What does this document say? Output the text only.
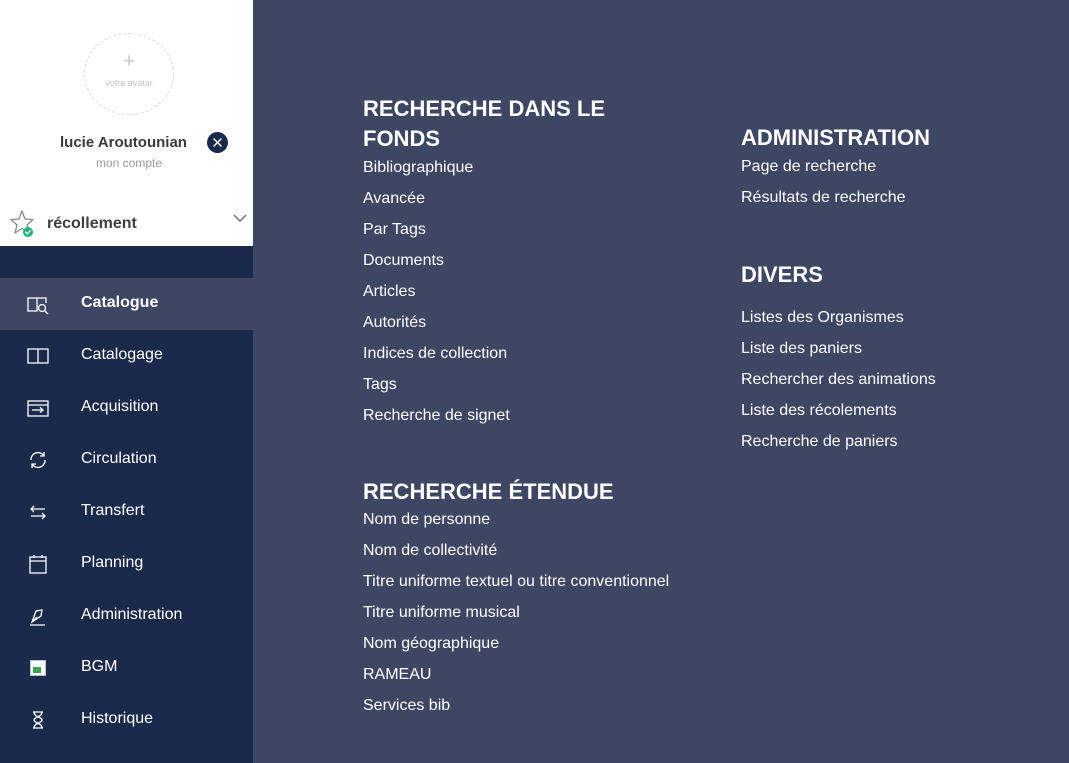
+
votre avatar
lucie Aroutounian
mon compte
récollement
Catalogue
Catalogage
Acquisition
Circulation
Transfert
Planning
Administration
BGM
Historique
RECHERCHE DANS LE FONDS
Bibliographique
Avancée
Par Tags
Documents
Articles
Autorités
Indices de collection
Tags
Recherche de signet
RECHERCHE ÉTENDUE
Nom de personne
Nom de collectivité
Titre uniforme textuel ou titre conventionnel
Titre uniforme musical
Nom géographique
RAMEAU
Services bib
ADMINISTRATION
Page de recherche
Résultats de recherche
DIVERS
Listes des Organismes
Liste des paniers
Rechercher des animations
Liste des récolements
Recherche de paniers
